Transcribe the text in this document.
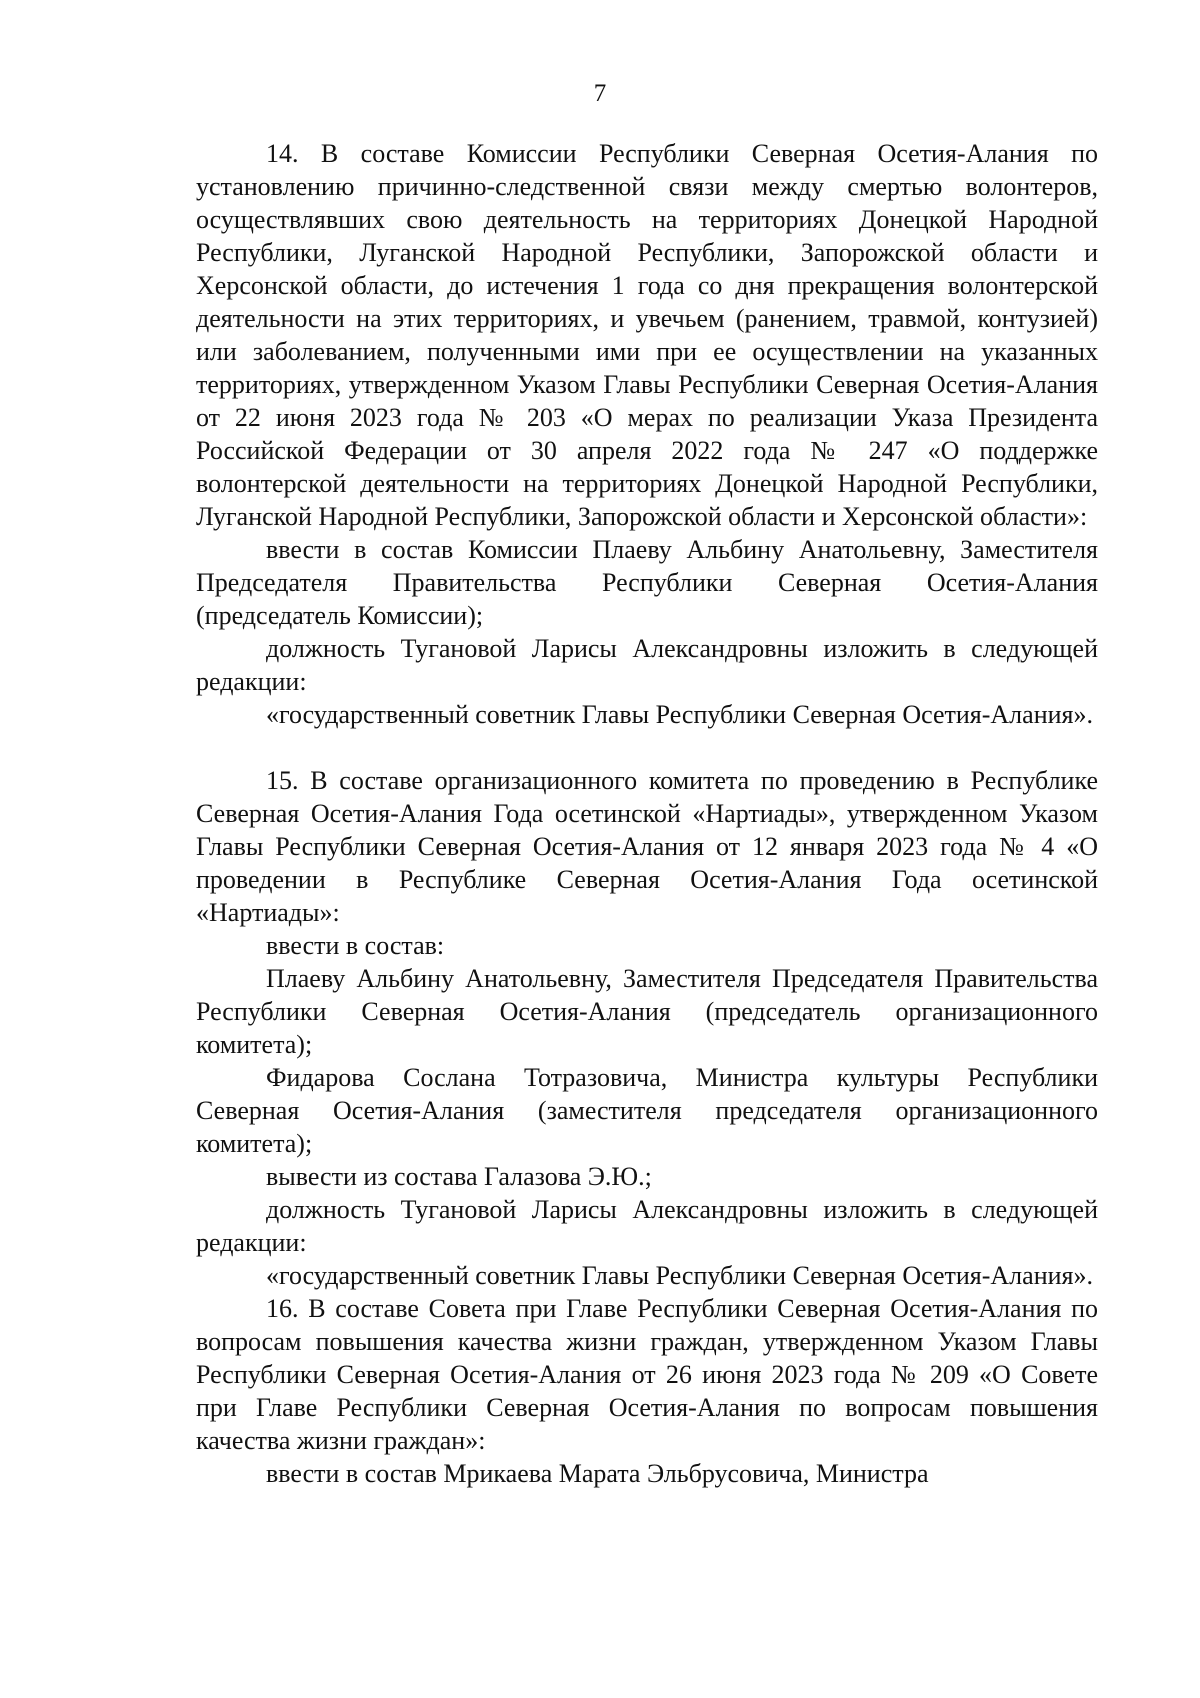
7

14. В составе Комиссии Республики Северная Осетия-Алания по установлению причинно-следственной связи между смертью волонтеров, осуществлявших свою деятельность на территориях Донецкой Народной Республики, Луганской Народной Республики, Запорожской области и Херсонской области, до истечения 1 года со дня прекращения волонтерской деятельности на этих территориях, и увечьем (ранением, травмой, контузией) или заболеванием, полученными ими при ее осуществлении на указанных территориях, утвержденном Указом Главы Республики Северная Осетия-Алания от 22 июня 2023 года № 203 «О мерах по реализации Указа Президента Российской Федерации от 30 апреля 2022 года № 247 «О поддержке волонтерской деятельности на территориях Донецкой Народной Республики, Луганской Народной Республики, Запорожской области и Херсонской области»:

ввести в состав Комиссии Плаеву Альбину Анатольевну, Заместителя Председателя Правительства Республики Северная Осетия-Алания (председатель Комиссии);

должность Тугановой Ларисы Александровны изложить в следующей редакции:

«государственный советник Главы Республики Северная Осетия-Алания».

15. В составе организационного комитета по проведению в Республике Северная Осетия-Алания Года осетинской «Нартиады», утвержденном Указом Главы Республики Северная Осетия-Алания от 12 января 2023 года № 4 «О проведении в Республике Северная Осетия-Алания Года осетинской «Нартиады»:

ввести в состав:

Плаеву Альбину Анатольевну, Заместителя Председателя Правительства Республики Северная Осетия-Алания (председатель организационного комитета);

Фидарова Сослана Тотразовича, Министра культуры Республики Северная Осетия-Алания (заместителя председателя организационного комитета);

вывести из состава Галазова Э.Ю.;

должность Тугановой Ларисы Александровны изложить в следующей редакции:

«государственный советник Главы Республики Северная Осетия-Алания».

16. В составе Совета при Главе Республики Северная Осетия-Алания по вопросам повышения качества жизни граждан, утвержденном Указом Главы Республики Северная Осетия-Алания от 26 июня 2023 года № 209 «О Совете при Главе Республики Северная Осетия-Алания по вопросам повышения качества жизни граждан»:

ввести в состав Мрикаева Марата Эльбрусовича, Министра
